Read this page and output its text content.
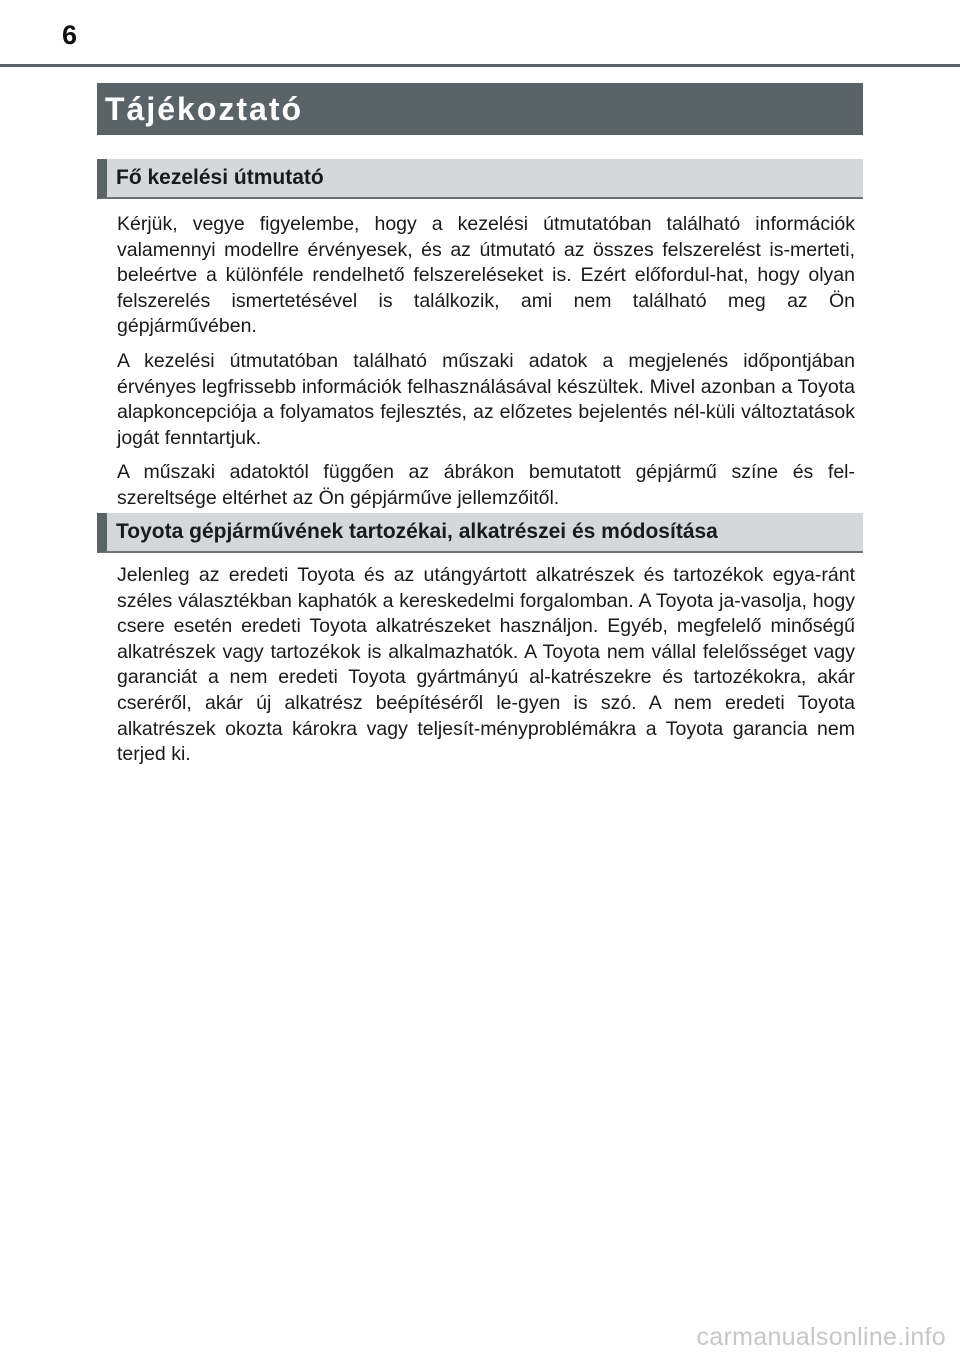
6
Tájékoztató
Fő kezelési útmutató

Kérjük, vegye figyelembe, hogy a kezelési útmutatóban található információk valamennyi modellre érvényesek, és az útmutató az összes felszerelést is-merteti, beleértve a különféle rendelhető felszereléseket is. Ezért előfordul-hat, hogy olyan felszerelés ismertetésével is találkozik, ami nem található meg az Ön gépjárművében.

A kezelési útmutatóban található műszaki adatok a megjelenés időpontjában érvényes legfrissebb információk felhasználásával készültek. Mivel azonban a Toyota alapkoncepciója a folyamatos fejlesztés, az előzetes bejelentés nél-küli változtatások jogát fenntartjuk.

A műszaki adatoktól függően az ábrákon bemutatott gépjármű színe és fel-szereltsége eltérhet az Ön gépjárműve jellemzőitől.

Toyota gépjárművének tartozékai, alkatrészei és módosítása

Jelenleg az eredeti Toyota és az utángyártott alkatrészek és tartozékok egya-ránt széles választékban kaphatók a kereskedelmi forgalomban. A Toyota ja-vasolja, hogy csere esetén eredeti Toyota alkatrészeket használjon. Egyéb, megfelelő minőségű alkatrészek vagy tartozékok is alkalmazhatók. A Toyota nem vállal felelősséget vagy garanciát a nem eredeti Toyota gyártmányú al-katrészekre és tartozékokra, akár cseréről, akár új alkatrész beépítéséről le-gyen is szó. A nem eredeti Toyota alkatrészek okozta károkra vagy teljesít-ményproblémákra a Toyota garancia nem terjed ki.

carmanualsonline.info
